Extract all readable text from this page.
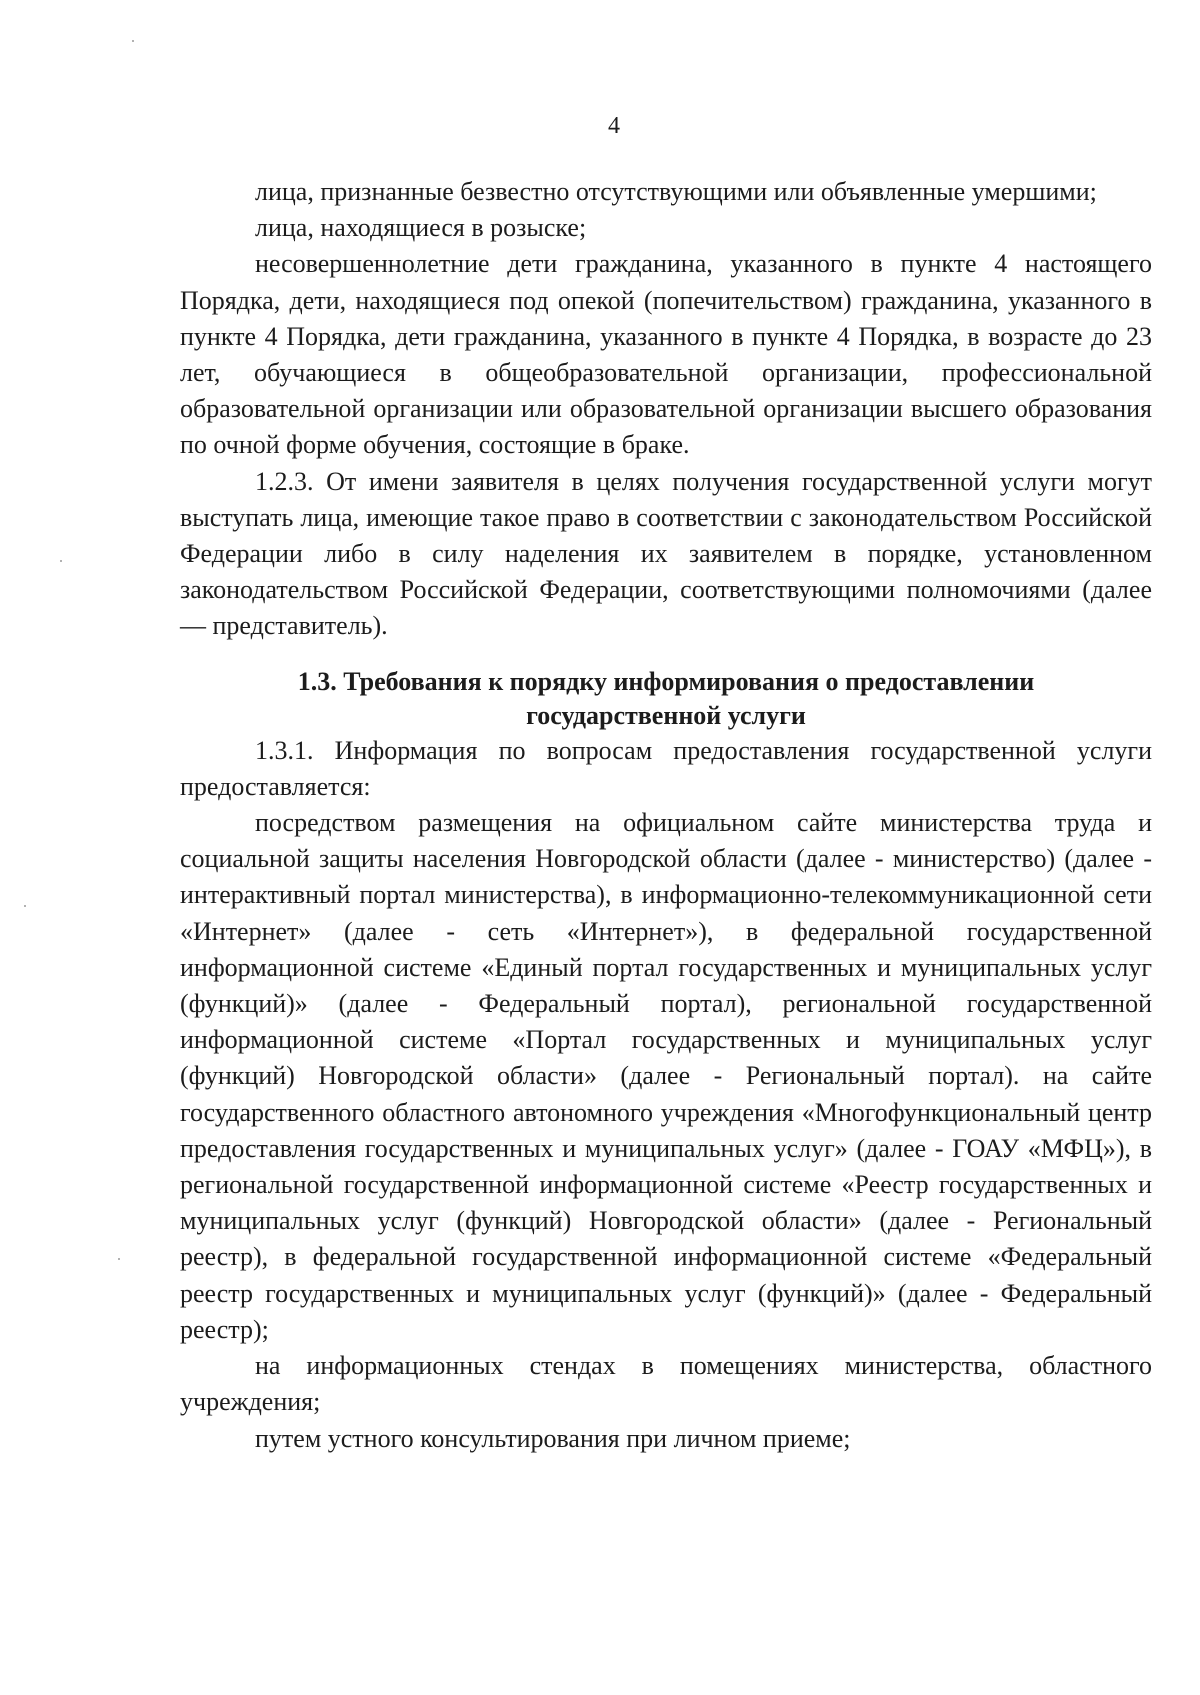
4

лица, признанные безвестно отсутствующими или объявленные умершими;

лица, находящиеся в розыске;

несовершеннолетние дети гражданина, указанного в пункте 4 настоящего Порядка, дети, находящиеся под опекой (попечительством) гражданина, указанного в пункте 4 Порядка, дети гражданина, указанного в пункте 4 Порядка, в возрасте до 23 лет, обучающиеся в общеобразовательной организации, профессиональной образовательной организации или образовательной организации высшего образования по очной форме обучения, состоящие в браке.

1.2.3. От имени заявителя в целях получения государственной услуги могут выступать лица, имеющие такое право в соответствии с законодательством Российской Федерации либо в силу наделения их заявителем в порядке, установленном законодательством Российской Федерации, соответствующими полномочиями (далее — представитель).

1.3. Требования к порядку информирования о предоставлении
государственной услуги

1.3.1. Информация по вопросам предоставления государственной услуги предоставляется:

посредством размещения на официальном сайте министерства труда и социальной защиты населения Новгородской области (далее - министерство) (далее - интерактивный портал министерства), в информационно-телекоммуникационной сети «Интернет» (далее - сеть «Интернет»), в федеральной государственной информационной системе «Единый портал государственных и муниципальных услуг (функций)» (далее - Федеральный портал), региональной государственной информационной системе «Портал государственных и муниципальных услуг (функций) Новгородской области» (далее - Региональный портал). на сайте государственного областного автономного учреждения «Многофункциональный центр предоставления государственных и муниципальных услуг» (далее - ГОАУ «МФЦ»), в региональной государственной информационной системе «Реестр государственных и муниципальных услуг (функций) Новгородской области» (далее - Региональный реестр), в федеральной государственной информационной системе «Федеральный реестр государственных и муниципальных услуг (функций)» (далее - Федеральный реестр);

на информационных стендах в помещениях министерства, областного учреждения;

путем устного консультирования при личном приеме;
